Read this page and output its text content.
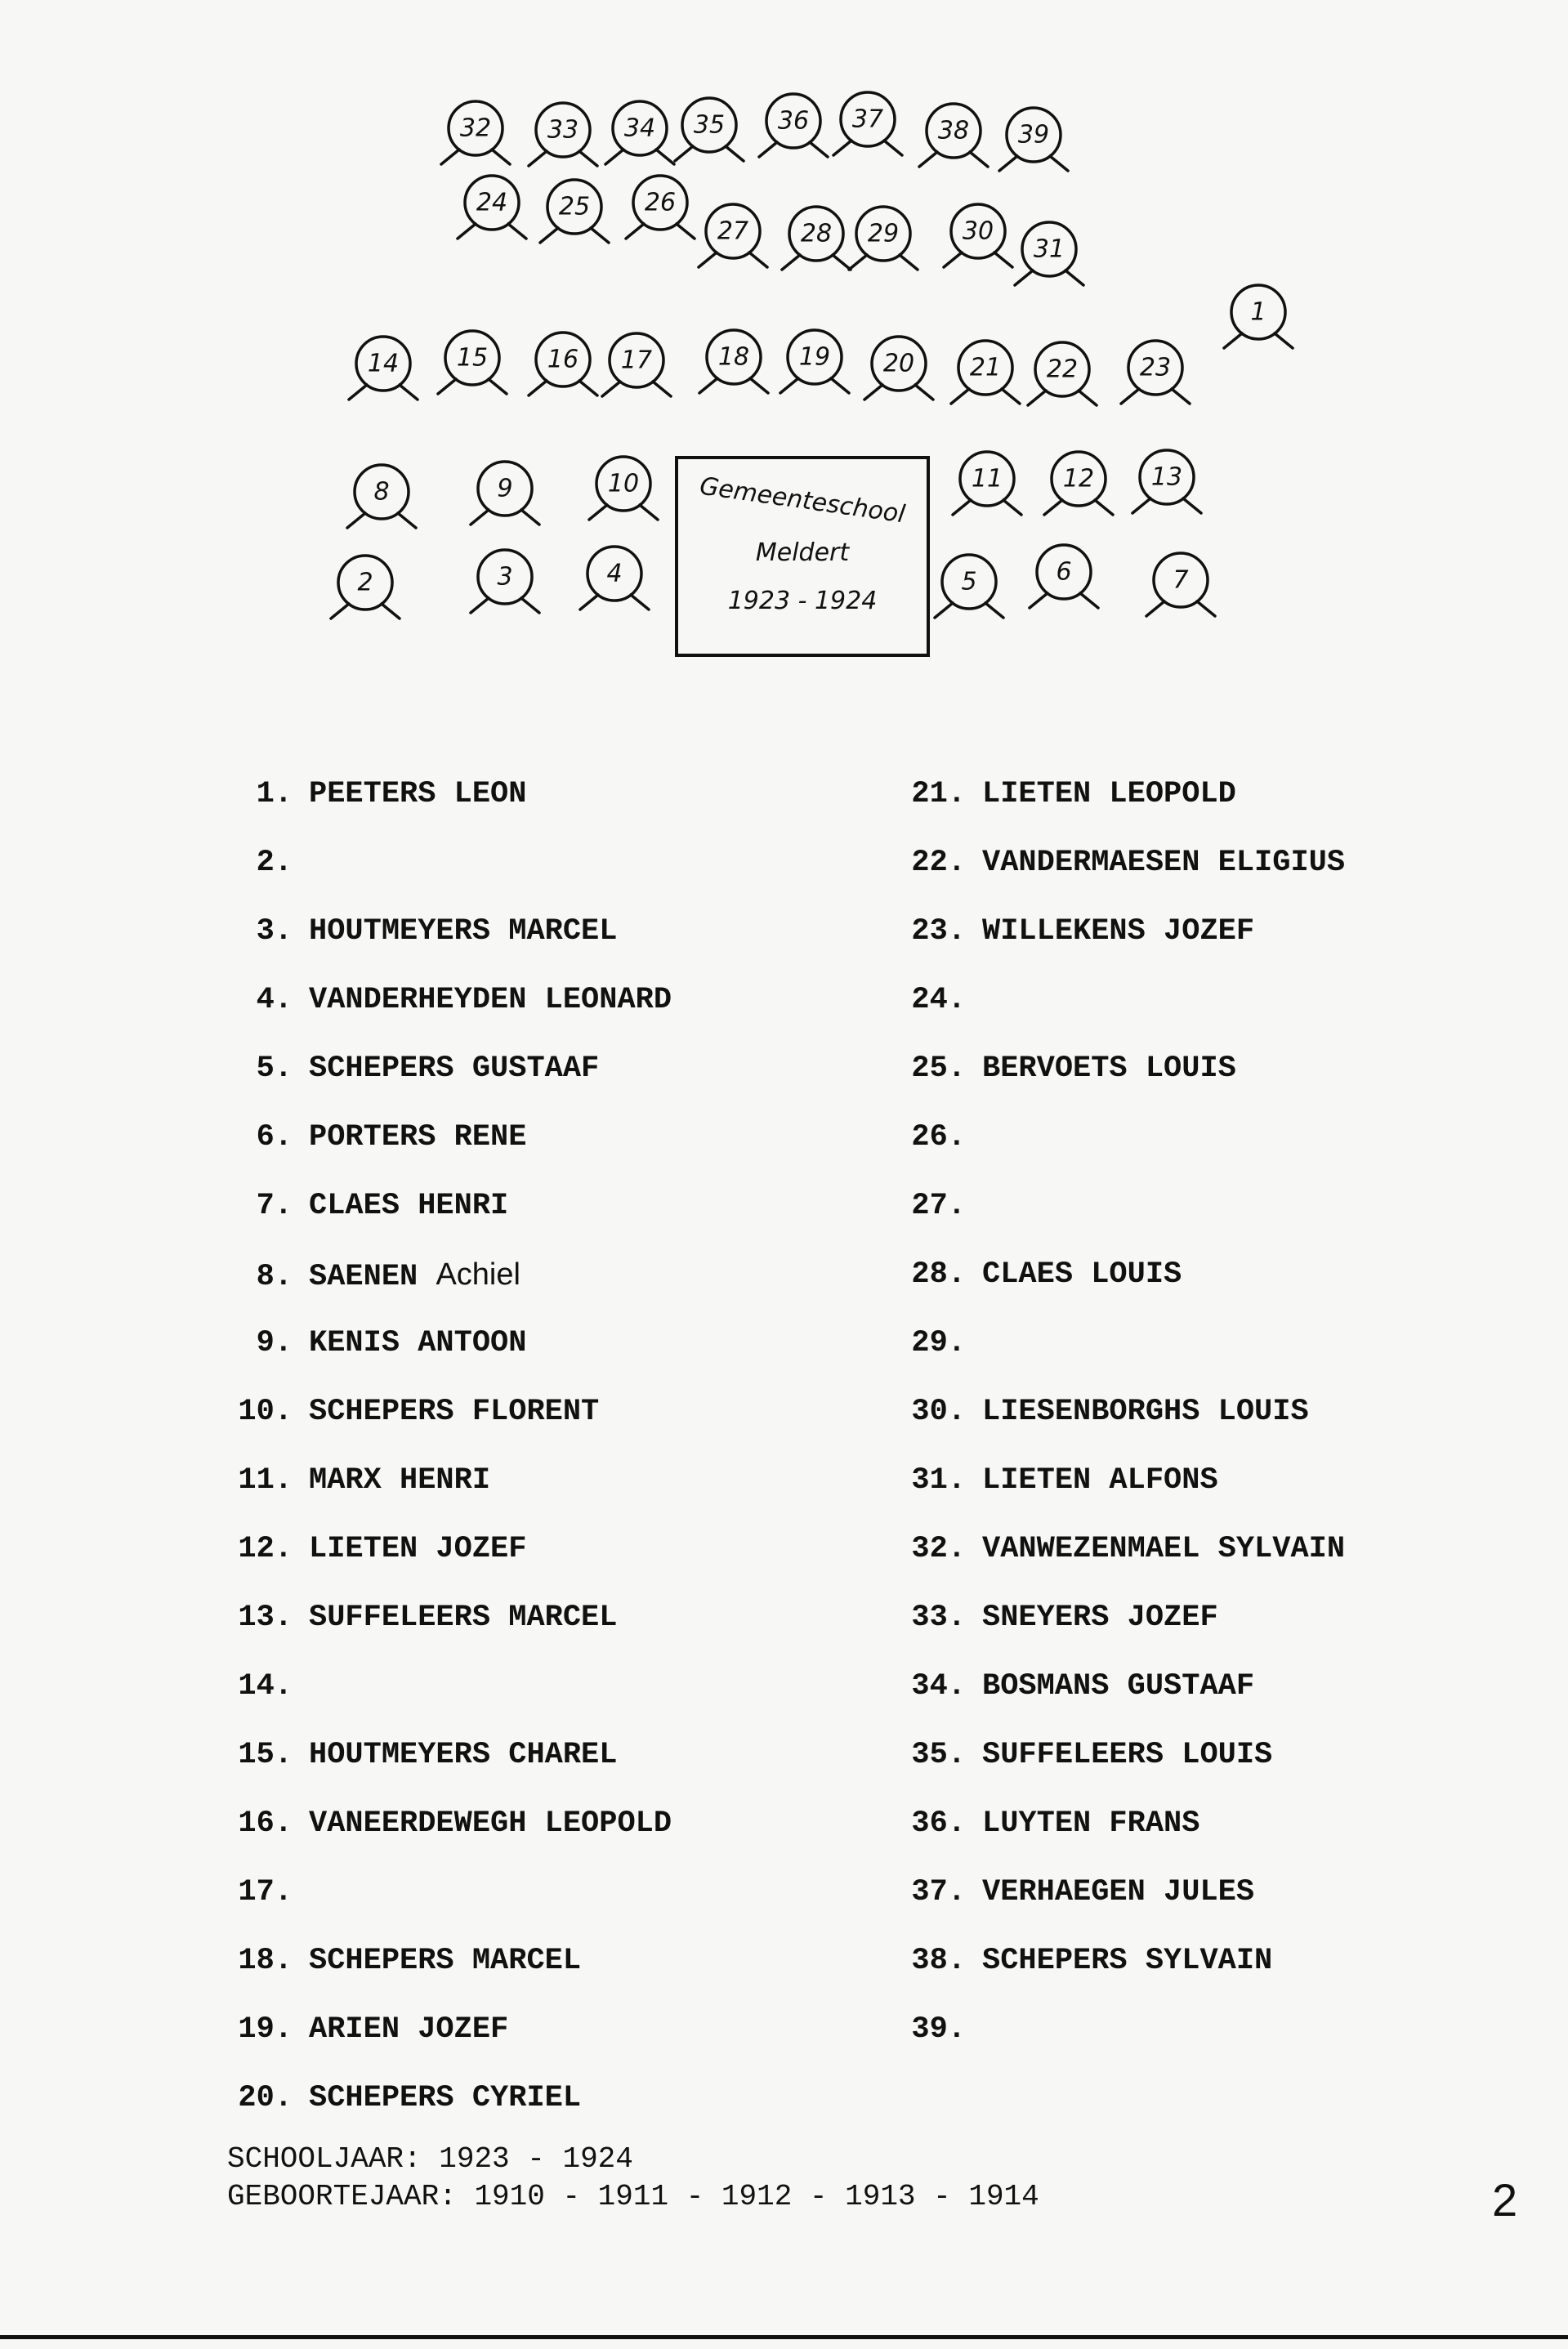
Gemeenteschool
Meldert
1923 - 1924
1
2	3	4	5	6	7
8	9	10	11 12 13
14 15 16 17	18 19 20 21 22	23
24 25 26
27 28 29	30
31
32 33 34 35 36 37 38 39
1. PEETERS LEON
2.
3. HOUTMEYERS MARCEL
4. VANDERHEYDEN LEONARD
5. SCHEPERS GUSTAAF
6. PORTERS RENE
7. CLAES HENRI
8. SAENEN Achiel
9. KENIS ANTOON
10. SCHEPERS FLORENT
11. MARX HENRI
12. LIETEN JOZEF
13. SUFFELEERS MARCEL
14.
15. HOUTMEYERS CHAREL
16. VANEERDEWEGH LEOPOLD
17.
18. SCHEPERS MARCEL
19. ARIEN JOZEF
20. SCHEPERS CYRIEL
21. LIETEN LEOPOLD
22. VANDERMAESEN ELIGIUS
23. WILLEKENS JOZEF
24.
25. BERVOETS LOUIS
26.
27.
28. CLAES LOUIS
29.
30. LIESENBORGHS LOUIS
31. LIETEN ALFONS
32. VANWEZENMAEL SYLVAIN
33. SNEYERS JOZEF
34. BOSMANS GUSTAAF
35. SUFFELEERS LOUIS
36. LUYTEN FRANS
37. VERHAEGEN JULES
38. SCHEPERS SYLVAIN
39.
SCHOOLJAAR: 1923 - 1924
GEBOORTEJAAR: 1910 - 1911 - 1912 - 1913 - 1914	2
